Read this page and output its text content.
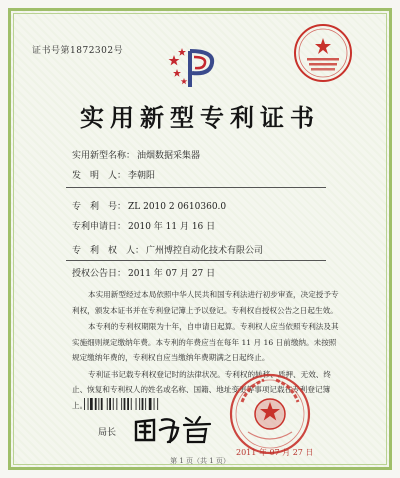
证书号第1872302号
实用新型专利证书
实用新型名称： 油烟数据采集器
发　明　人： 李朝阳
专　利　号： ZL 2010 2 0610360.0
专利申请日： 2010 年 11 月 16 日
专　利　权　人： 广州博控自动化技术有限公司
授权公告日： 2011 年 07 月 27 日

本实用新型经过本局依照中华人民共和国专利法进行初步审查，决定授予专利权，颁发本证书并在专利登记簿上予以登记。专利权自授权公告之日起生效。

本专利的专利权期限为十年，自申请日起算。专利权人应当依照专利法及其实施细则规定缴纳年费。本专利的年费应当在每年 11 月 16 日前缴纳。未按照规定缴纳年费的，专利权自应当缴纳年费期满之日起终止。

专利证书记载专利权登记时的法律状况。专利权的转移、质押、无效、终止、恢复和专利权人的姓名或名称、国籍、地址变更等事项记载在专利登记簿上。

局长
2011 年 07 月 27 日
第 1 页（共 1 页）
